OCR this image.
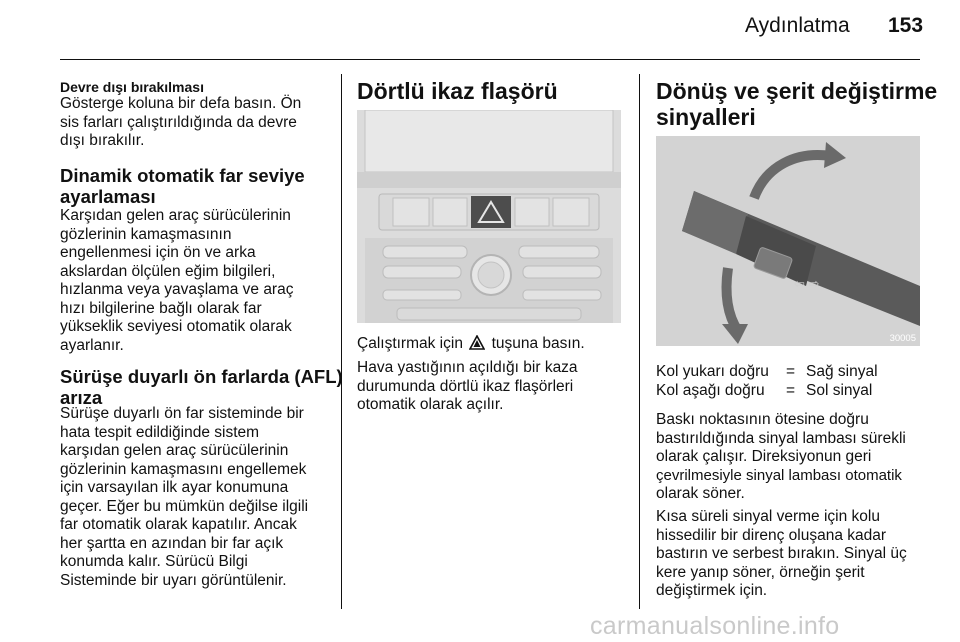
Aydınlatma 153
Devre dışı bırakılması
Gösterge koluna bir defa basın. Ön
sis farları çalıştırıldığında da devre
dışı bırakılır.
Dinamik otomatik far seviye
ayarlaması
Karşıdan gelen araç sürücülerinin
gözlerinin kamaşmasının
engellenmesi için ön ve arka
akslardan ölçülen eğim bilgileri,
hızlanma veya yavaşlama ve araç
hızı bilgilerine bağlı olarak far
yükseklik seviyesi otomatik olarak
ayarlanır.
Sürüşe duyarlı ön farlarda (AFL)
arıza
Sürüşe duyarlı ön far sisteminde bir
hata tespit edildiğinde sistem
karşıdan gelen araç sürücülerinin
gözlerinin kamaşmasını engellemek
için varsayılan ilk ayar konumuna
geçer. Eğer bu mümkün değilse ilgili
far otomatik olarak kapatılır. Ancak
her şartta en azından bir far açık
konumda kalır. Sürücü Bilgi
Sisteminde bir uyarı görüntülenir.
Dörtlü ikaz flaşörü
Çalıştırmak için tuşuna basın.
Hava yastığının açıldığı bir kaza
durumunda dörtlü ikaz flaşörleri
otomatik olarak açılır.
Dönüş ve şerit değiştirme
sinyalleri
⇦ ⇨
30005
Kol yukarı doğru = Sağ sinyal
Kol aşağı doğru = Sol sinyal
Baskı noktasının ötesine doğru
bastırıldığında sinyal lambası sürekli
olarak çalışır. Direksiyonun geri
çevrilmesiyle sinyal lambası otomatik
olarak söner.
Kısa süreli sinyal verme için kolu
hissedilir bir direnç oluşana kadar
bastırın ve serbest bırakın. Sinyal üç
kere yanıp söner, örneğin şerit
değiştirmek için.
carmanualsonline.info
